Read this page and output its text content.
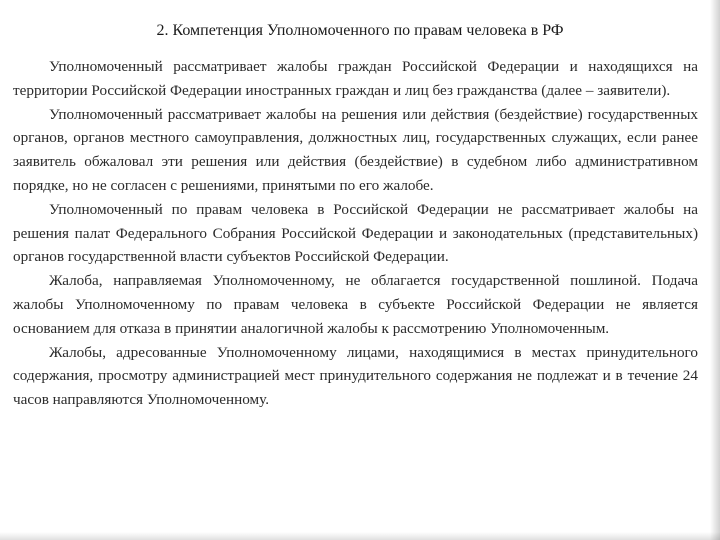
2. Компетенция Уполномоченного по правам человека в РФ

Уполномоченный рассматривает жалобы граждан Российской Федерации и находящихся на территории Российской Федерации иностранных граждан и лиц без гражданства (далее – заявители).

Уполномоченный рассматривает жалобы на решения или действия (бездействие) государственных органов, органов местного самоуправления, должностных лиц, государственных служащих, если ранее заявитель обжаловал эти решения или действия (бездействие) в судебном либо административном порядке, но не согласен с решениями, принятыми по его жалобе.

Уполномоченный по правам человека в Российской Федерации не рассматривает жалобы на решения палат Федерального Собрания Российской Федерации и законодательных (представительных) органов государственной власти субъектов Российской Федерации.

Жалоба, направляемая Уполномоченному, не облагается государственной пошлиной. Подача жалобы Уполномоченному по правам человека в субъекте Российской Федерации не является основанием для отказа в принятии аналогичной жалобы к рассмотрению Уполномоченным.

Жалобы, адресованные Уполномоченному лицами, находящимися в местах принудительного содержания, просмотру администрацией мест принудительного содержания не подлежат и в течение 24 часов направляются Уполномоченному.
